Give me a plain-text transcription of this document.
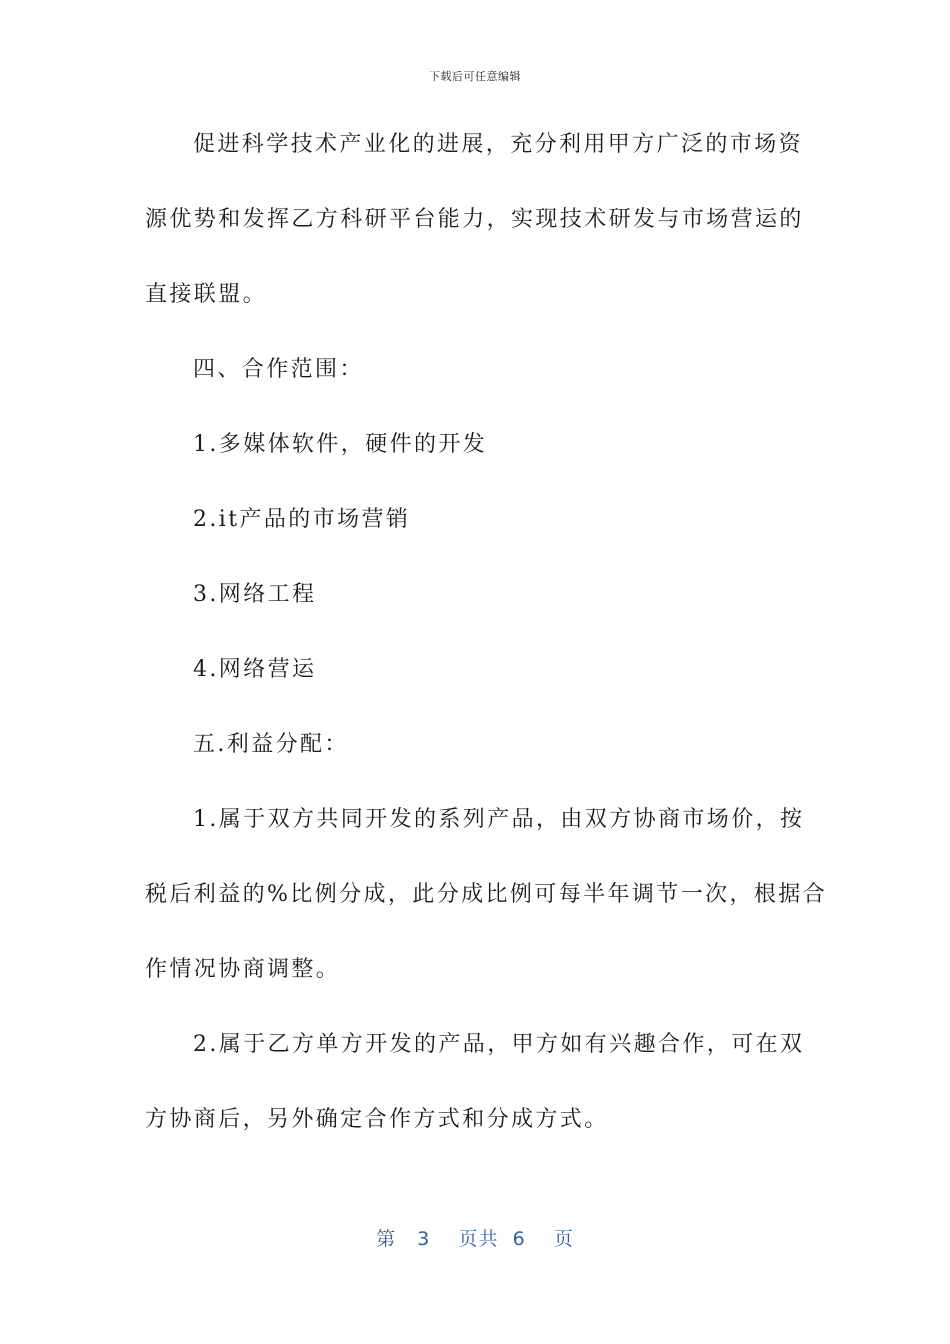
下载后可任意编辑
促进科学技术产业化的进展，充分利用甲方广泛的市场资
源优势和发挥乙方科研平台能力，实现技术研发与市场营运的
直接联盟。
四、合作范围：
1.多媒体软件，硬件的开发
2.it产品的市场营销
3.网络工程
4.网络营运
五.利益分配：
1.属于双方共同开发的系列产品，由双方协商市场价，按
税后利益的%比例分成，此分成比例可每半年调节一次，根据合
作情况协商调整。
2.属于乙方单方开发的产品，甲方如有兴趣合作，可在双
方协商后，另外确定合作方式和分成方式。
第 3 页共 6 页
